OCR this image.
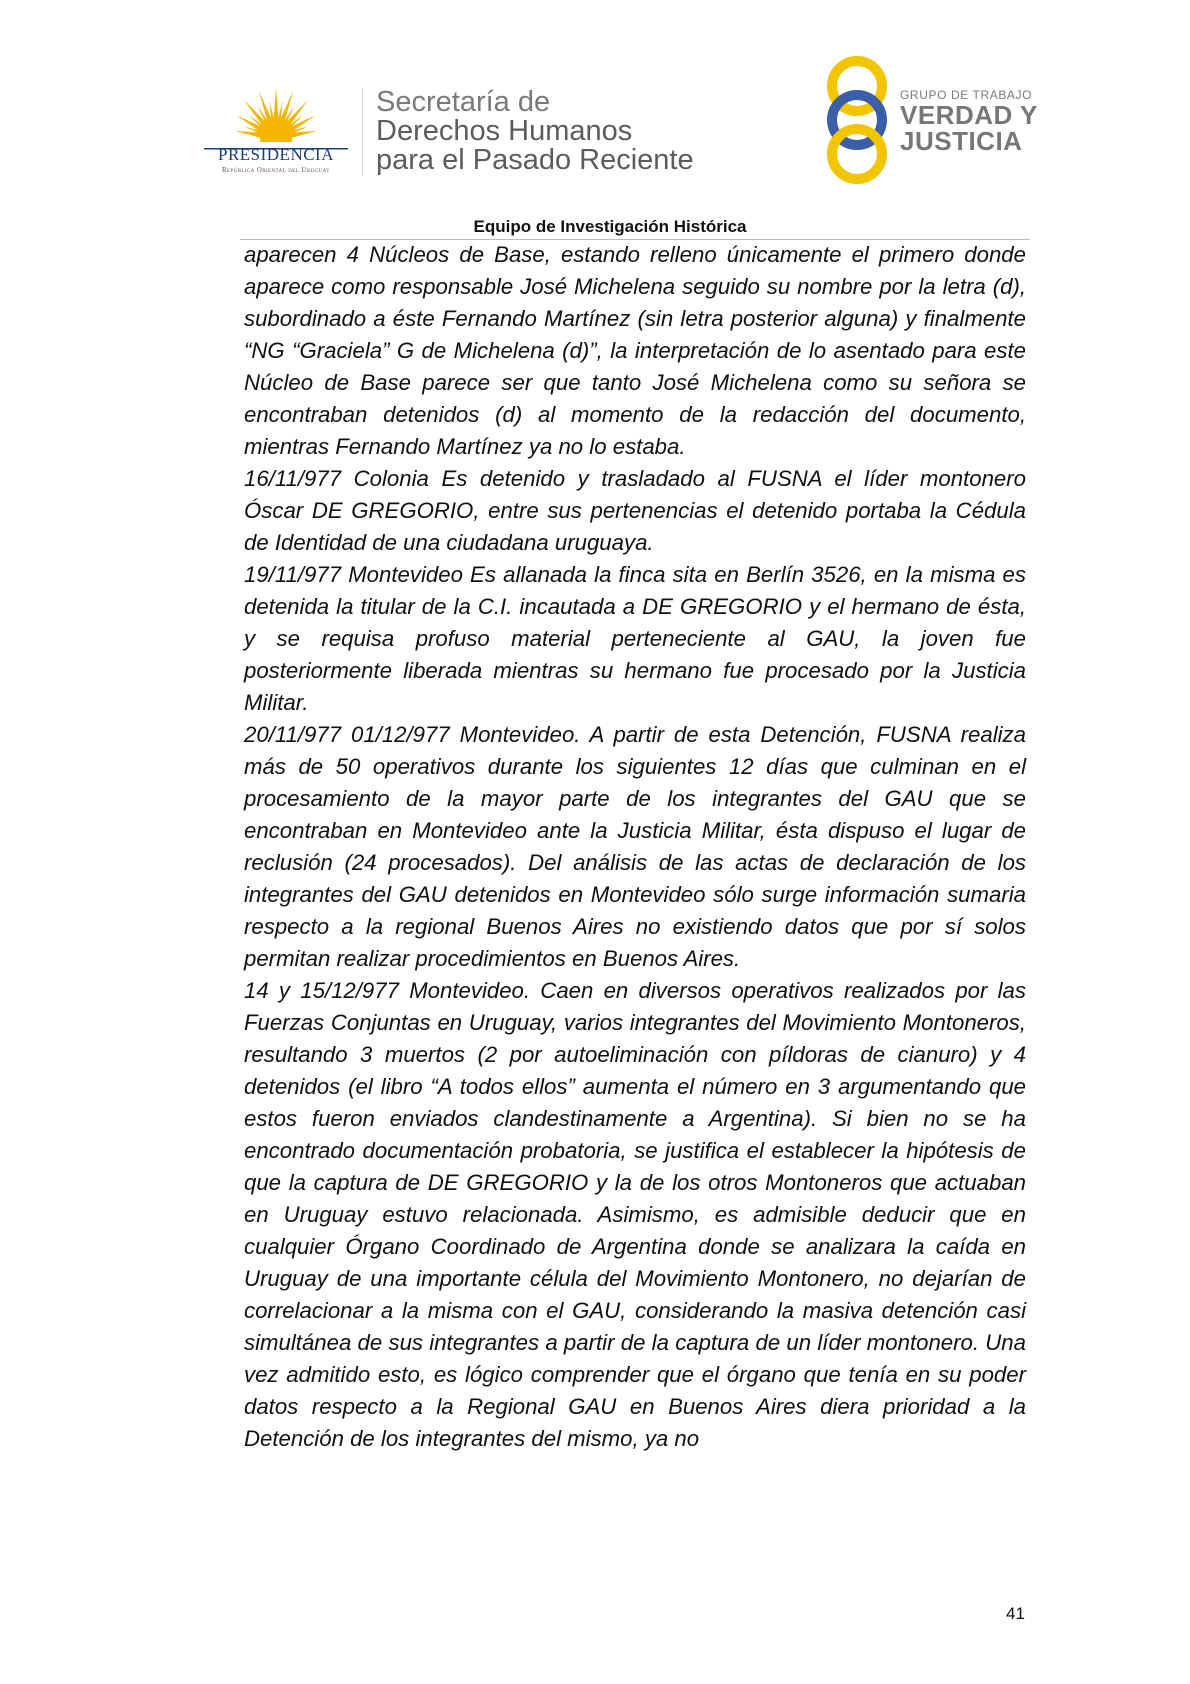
PRESIDENCIA
República Oriental del Uruguay
Secretaría de
Derechos Humanos
para el Pasado Reciente
GRUPO DE TRABAJO
VERDAD Y
JUSTICIA
Equipo de Investigación Histórica

aparecen 4 Núcleos de Base, estando relleno únicamente el primero donde aparece como responsable José Michelena seguido su nombre por la letra (d), subordinado a éste Fernando Martínez (sin letra posterior alguna) y finalmente “NG “Graciela” G de Michelena (d)”, la interpretación de lo asentado para este Núcleo de Base parece ser que tanto José Michelena como su señora se encontraban detenidos (d) al momento de la redacción del documento, mientras Fernando Martínez ya no lo estaba.

16/11/977 Colonia Es detenido y trasladado al FUSNA el líder montonero Óscar DE GREGORIO, entre sus pertenencias el detenido portaba la Cédula de Identidad de una ciudadana uruguaya.

19/11/977 Montevideo Es allanada la finca sita en Berlín 3526, en la misma es detenida la titular de la C.I. incautada a DE GREGORIO y el hermano de ésta, y se requisa profuso material perteneciente al GAU, la joven fue posteriormente liberada mientras su hermano fue procesado por la Justicia Militar.

20/11/977 01/12/977 Montevideo. A partir de esta Detención, FUSNA realiza más de 50 operativos durante los siguientes 12 días que culminan en el procesamiento de la mayor parte de los integrantes del GAU que se encontraban en Montevideo ante la Justicia Militar, ésta dispuso el lugar de reclusión (24 procesados). Del análisis de las actas de declaración de los integrantes del GAU detenidos en Montevideo sólo surge información sumaria respecto a la regional Buenos Aires no existiendo datos que por sí solos permitan realizar procedimientos en Buenos Aires.

14 y 15/12/977 Montevideo. Caen en diversos operativos realizados por las Fuerzas Conjuntas en Uruguay, varios integrantes del Movimiento Montoneros, resultando 3 muertos (2 por autoeliminación con píldoras de cianuro) y 4 detenidos (el libro “A todos ellos” aumenta el número en 3 argumentando que estos fueron enviados clandestinamente a Argentina). Si bien no se ha encontrado documentación probatoria, se justifica el establecer la hipótesis de que la captura de DE GREGORIO y la de los otros Montoneros que actuaban en Uruguay estuvo relacionada. Asimismo, es admisible deducir que en cualquier Órgano Coordinado de Argentina donde se analizara la caída en Uruguay de una importante célula del Movimiento Montonero, no dejarían de correlacionar a la misma con el GAU, considerando la masiva detención casi simultánea de sus integrantes a partir de la captura de un líder montonero. Una vez admitido esto, es lógico comprender que el órgano que tenía en su poder datos respecto a la Regional GAU en Buenos Aires diera prioridad a la Detención de los integrantes del mismo, ya no

41
